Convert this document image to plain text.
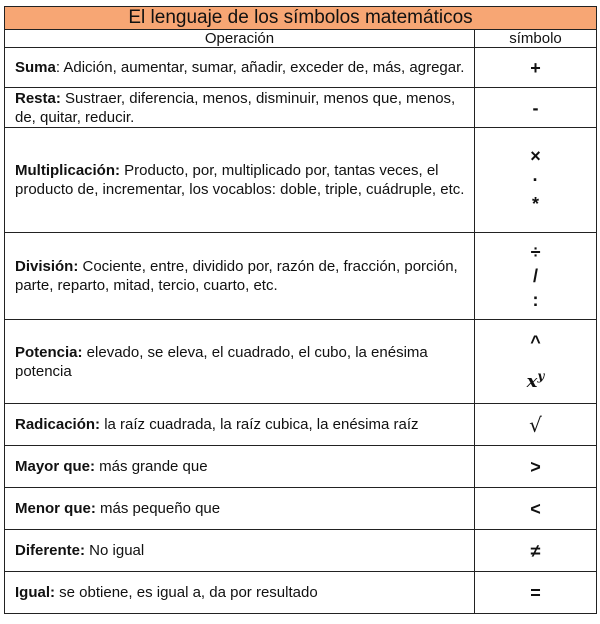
El lenguaje de los símbolos matemáticos	
Operación	símbolo
Suma: Adición, aumentar, sumar, añadir, exceder de, más, agregar.	+

Resta: Sustraer, diferencia, menos, disminuir, menos que, menos, de, quitar, reducir.	-

Multiplicación: Producto, por, multiplicado por, tantas veces, el producto de, incrementar, los vocablos: doble, triple, cuádruple, etc.	×
·
*

División: Cociente, entre, dividido por, razón de, fracción, porción, parte, reparto, mitad, tercio, cuarto, etc.	÷
/
:

Potencia: elevado, se eleva, el cuadrado, el cubo, la enésima potencia	^
$x^y$

Radicación: la raíz cuadrada, la raíz cubica, la enésima raíz	√

Mayor que: más grande que	>

Menor que: más pequeño que	<

Diferente: No igual	≠

Igual: se obtiene, es igual a, da por resultado	=
